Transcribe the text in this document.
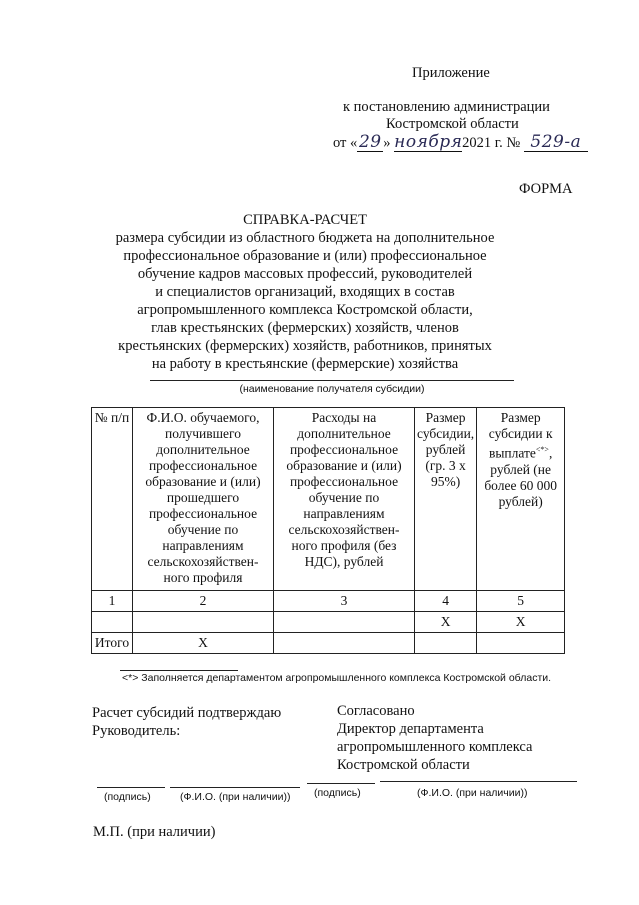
Приложение
к постановлению администрации
Костромской области
от «29 » ноября2021 г. № 529-а
ФОРМА
СПРАВКА-РАСЧЕТ
размера субсидии из областного бюджета на дополнительное
профессиональное образование и (или) профессиональное
обучение кадров массовых профессий, руководителей
и специалистов организаций, входящих в состав
агропромышленного комплекса Костромской области,
глав крестьянских (фермерских) хозяйств, членов
крестьянских (фермерских) хозяйств, работников, принятых
на работу в крестьянские (фермерские) хозяйства
(наименование получателя субсидии)
№ п/п	Ф.И.О. обучаемого, получившего дополнительное профессиональное образование и (или) прошедшего профессиональное обучение по направлениям сельскохозяйствен-ного профиля	Расходы на дополнительное профессиональное образование и (или) профессиональное обучение по направлениям сельскохозяйствен-ного профиля (без НДС), рублей	Размер субсидии, рублей (гр. 3 х 95%)	Размер субсидии к выплате<*>, рублей (не более 60 000 рублей)
1	2	3	4	5
			X	X
Итого	X			
<*> Заполняется департаментом агропромышленного комплекса Костромской области.
Расчет субсидий подтверждаю
Руководитель:
(подпись)	(Ф.И.О. (при наличии))
Согласовано
Директор департамента
агропромышленного комплекса
Костромской области
(подпись)	(Ф.И.О. (при наличии))
М.П. (при наличии)
